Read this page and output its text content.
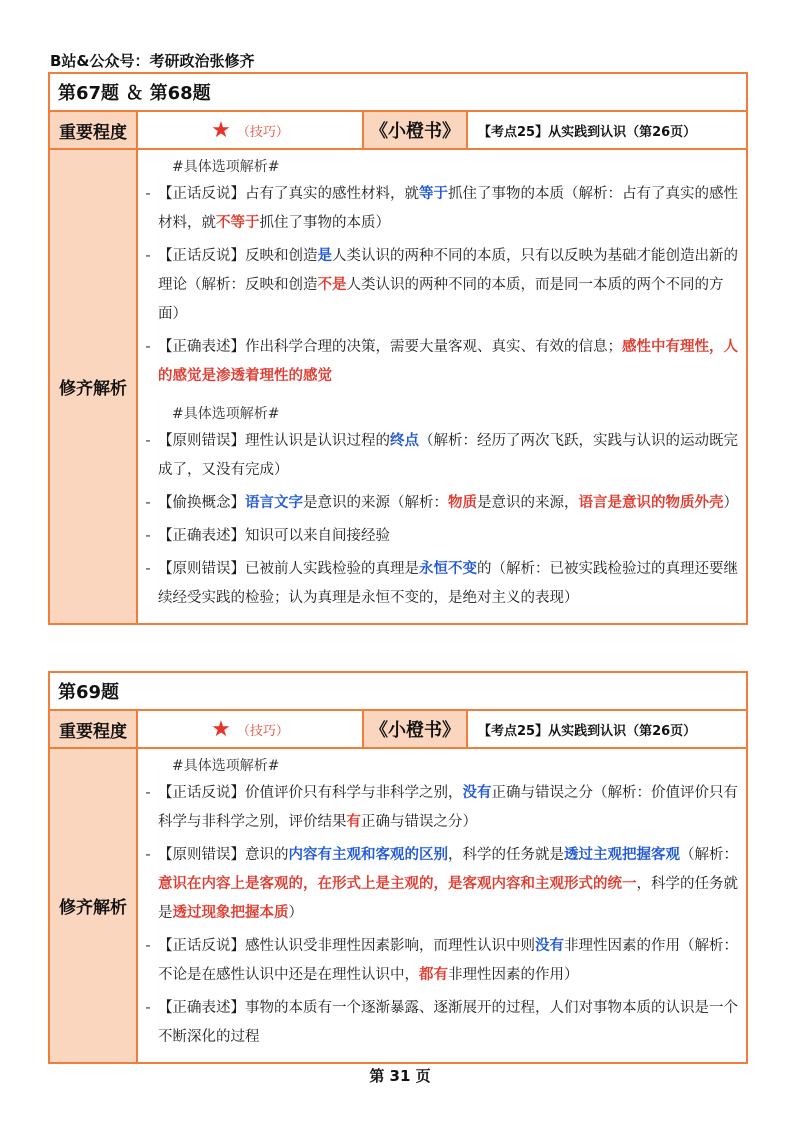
B站&公众号：考研政治张修齐
第67题 ＆ 第68题
重要程度	★ （技巧）	《小橙书》	【考点25】从实践到认识（第26页）
修齐解析
#具体选项解析#
- 【正话反说】占有了真实的感性材料，就等于抓住了事物的本质（解析：占有了真实的感性材料，就不等于抓住了事物的本质）
- 【正话反说】反映和创造是人类认识的两种不同的本质，只有以反映为基础才能创造出新的理论（解析：反映和创造不是人类认识的两种不同的本质，而是同一本质的两个不同的方面）
- 【正确表述】作出科学合理的决策，需要大量客观、真实、有效的信息；感性中有理性，人的感觉是渗透着理性的感觉
#具体选项解析#
- 【原则错误】理性认识是认识过程的终点（解析：经历了两次飞跃，实践与认识的运动既完成了，又没有完成）
- 【偷换概念】语言文字是意识的来源（解析：物质是意识的来源，语言是意识的物质外壳）
- 【正确表述】知识可以来自间接经验
- 【原则错误】已被前人实践检验的真理是永恒不变的（解析：已被实践检验过的真理还要继续经受实践的检验；认为真理是永恒不变的，是绝对主义的表现）
第69题
重要程度	★ （技巧）	《小橙书》	【考点25】从实践到认识（第26页）
修齐解析
#具体选项解析#
- 【正话反说】价值评价只有科学与非科学之别，没有正确与错误之分（解析：价值评价只有科学与非科学之别，评价结果有正确与错误之分）
- 【原则错误】意识的内容有主观和客观的区别，科学的任务就是透过主观把握客观（解析：意识在内容上是客观的，在形式上是主观的，是客观内容和主观形式的统一，科学的任务就是透过现象把握本质）
- 【正话反说】感性认识受非理性因素影响，而理性认识中则没有非理性因素的作用（解析：不论是在感性认识中还是在理性认识中，都有非理性因素的作用）
- 【正确表述】事物的本质有一个逐渐暴露、逐渐展开的过程，人们对事物本质的认识是一个不断深化的过程
第 31 页
